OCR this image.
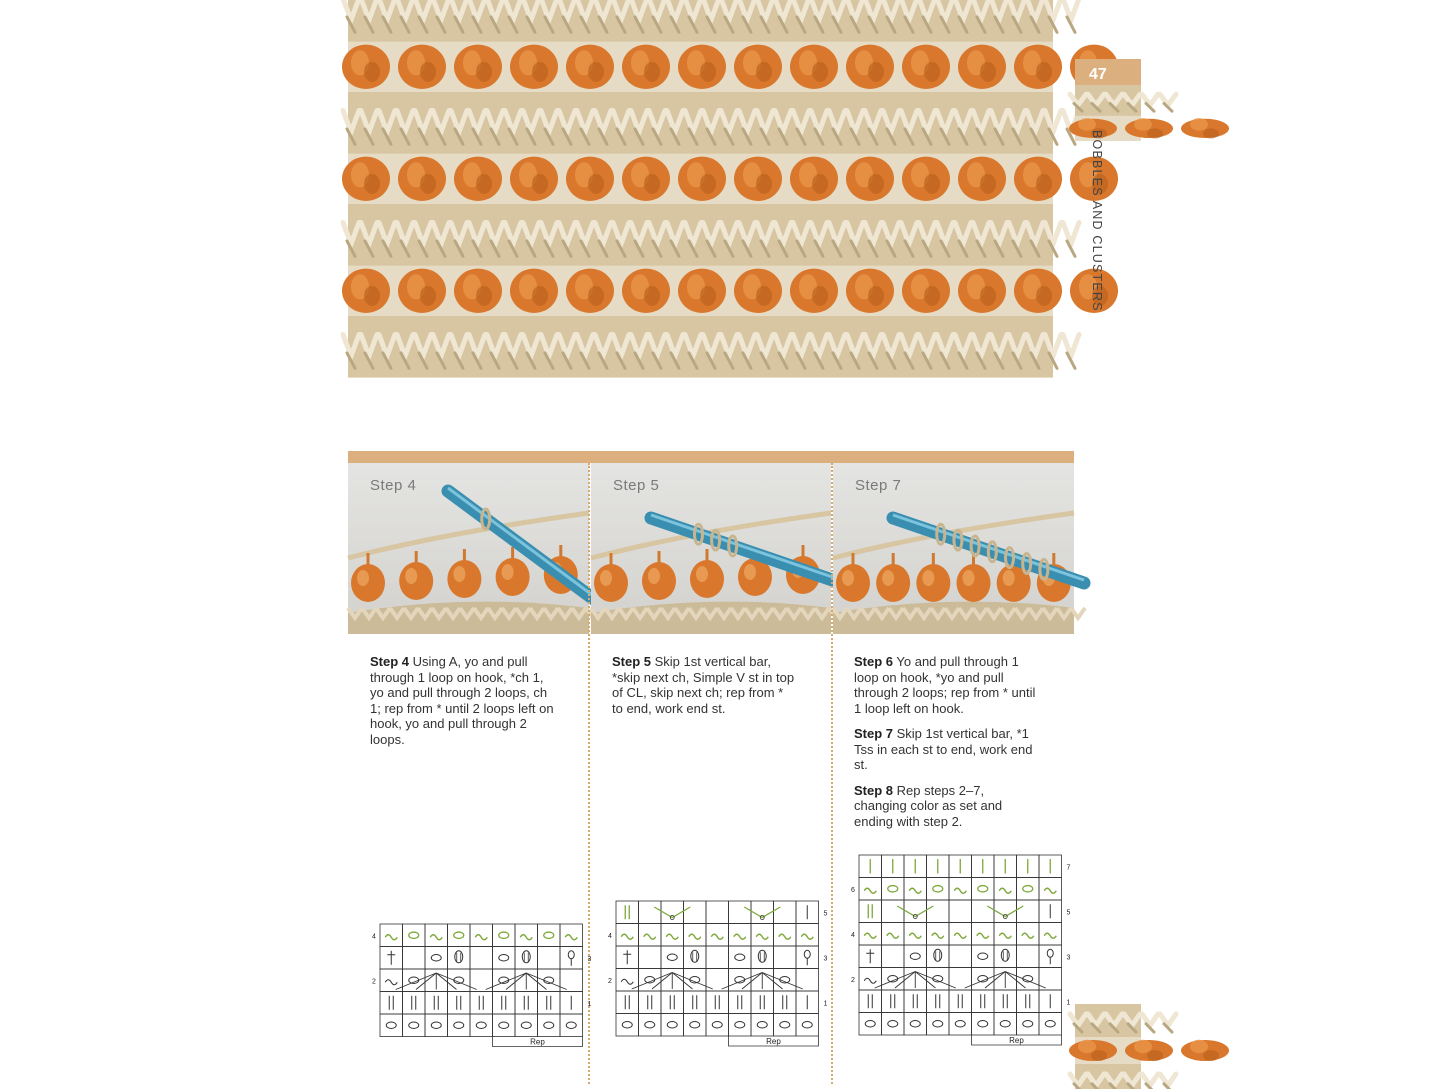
47
BOBBLES AND CLUSTERS
Step 4	Step 5	Step 7

Step 4 Using A, yo and pull through 1 loop on hook, *ch 1, yo and pull through 2 loops, ch 1; rep from * until 2 loops left on hook, yo and pull through 2 loops.

Step 5 Skip 1st vertical bar, *skip next ch, Simple V st in top of CL, skip next ch; rep from * to end, work end st.

Step 6 Yo and pull through 1 loop on hook, *yo and pull through 2 loops; rep from * until 1 loop left on hook.

Step 7 Skip 1st vertical bar, *1 Tss in each st to end, work end st.

Step 8 Rep steps 2–7, changing color as set and ending with step 2.

4
3
2
1
Rep
5
4
3
2
1
Rep
7
6
5
4
3
2
1
Rep
